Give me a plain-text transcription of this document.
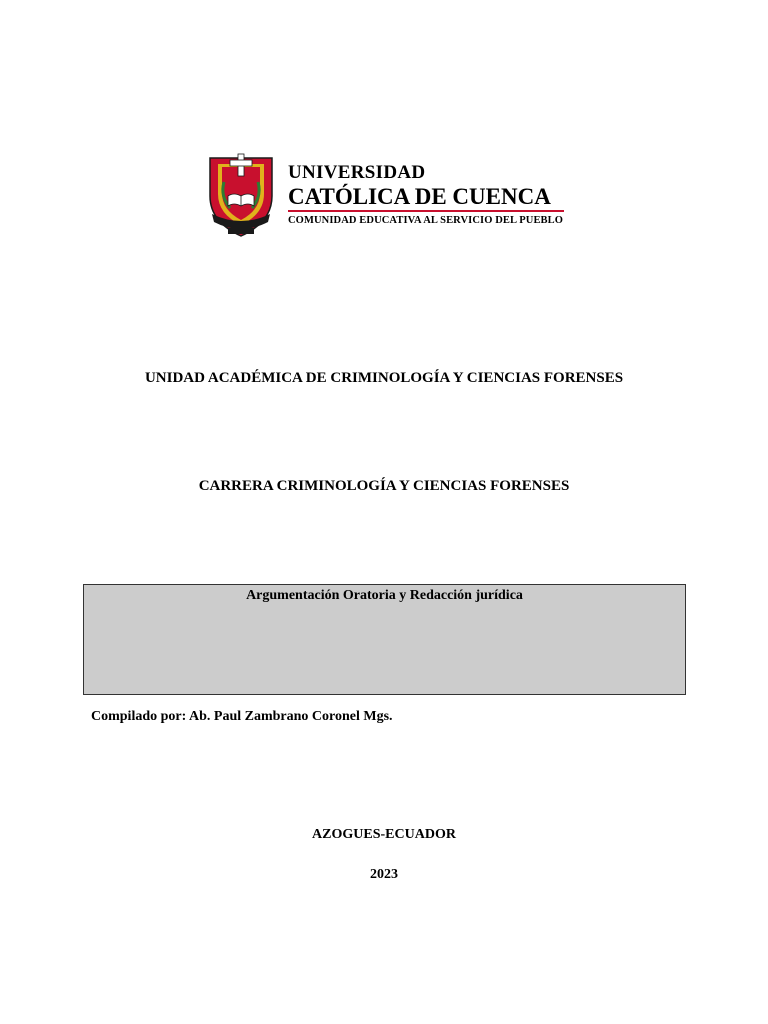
UNIVERSIDAD

CATÓLICA DE CUENCA

COMUNIDAD EDUCATIVA AL SERVICIO DEL PUEBLO

UNIDAD ACADÉMICA DE CRIMINOLOGÍA Y CIENCIAS FORENSES
CARRERA CRIMINOLOGÍA Y CIENCIAS FORENSES
Argumentación Oratoria y Redacción jurídica
Compilado por: Ab. Paul Zambrano Coronel Mgs.
AZOGUES-ECUADOR
2023
